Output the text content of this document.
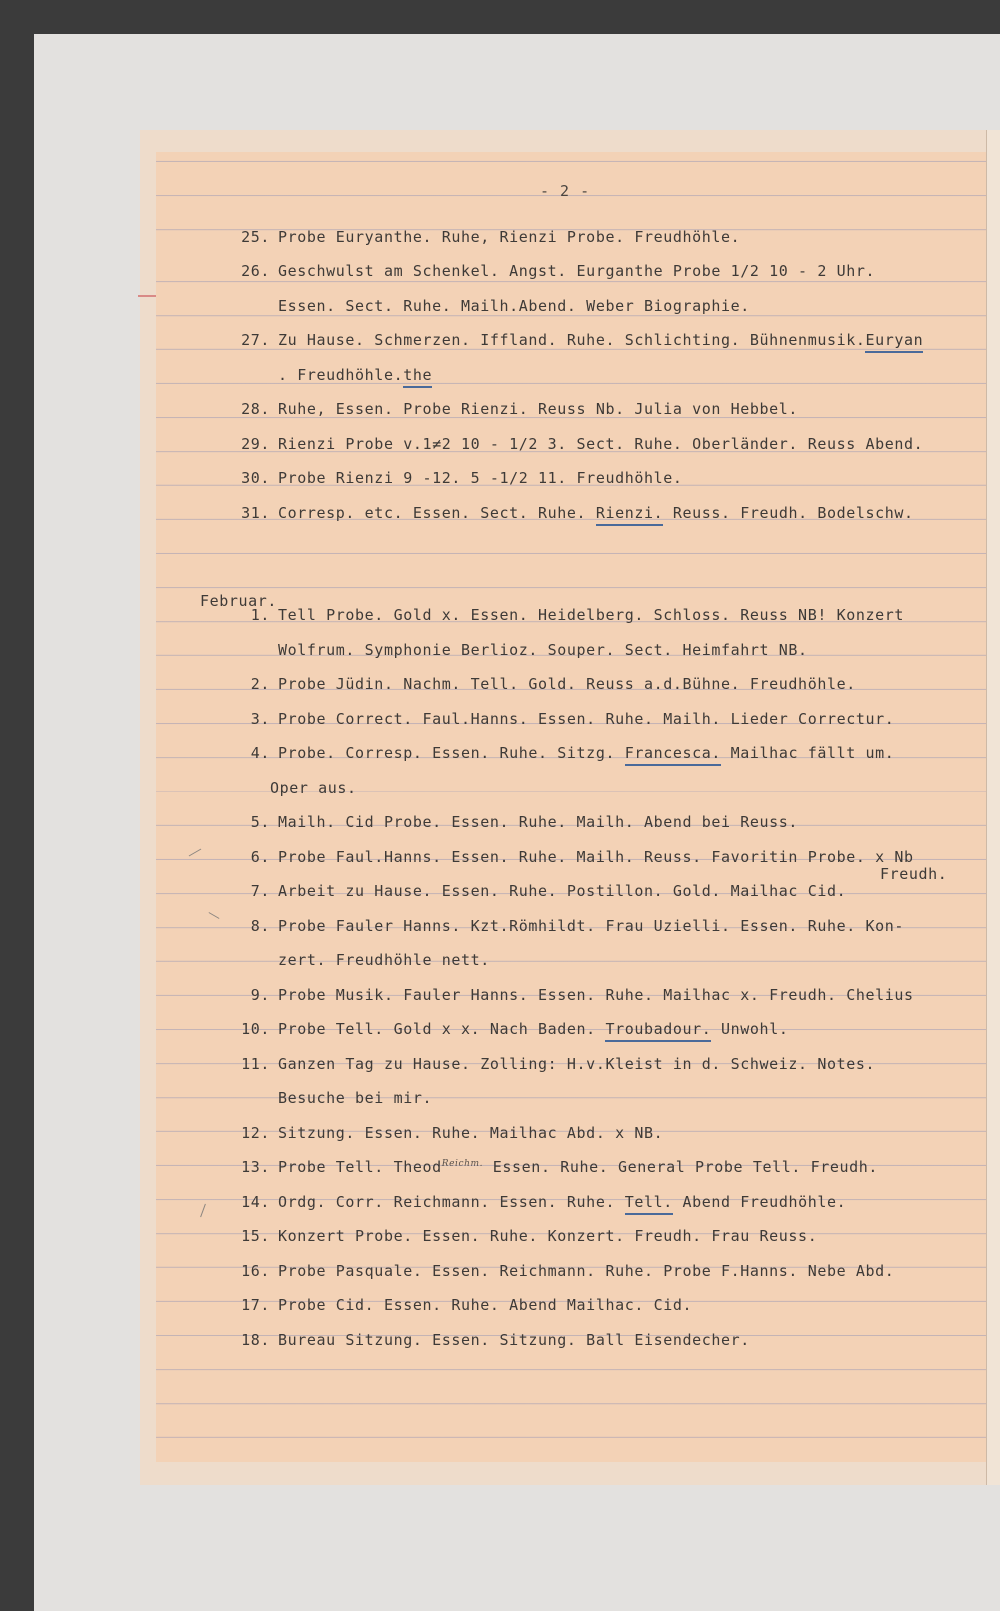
- 2 -
25. Probe Euryanthe. Ruhe, Rienzi Probe. Freudhöhle.
26. Geschwulst am Schenkel. Angst. Eurganthe Probe 1/2 10 - 2 Uhr.
Essen. Sect. Ruhe. Mailh.Abend. Weber Biographie.
27. Zu Hause. Schmerzen. Iffland. Ruhe. Schlichting. Bühnenmusik.Euryan
. Freudhöhle.the
28. Ruhe, Essen. Probe Rienzi. Reuss Nb. Julia von Hebbel.
29. Rienzi Probe v.1≠2 10 - 1/2 3. Sect. Ruhe. Oberländer. Reuss Abend.
30. Probe Rienzi 9 -12. 5 -1/2 11. Freudhöhle.
31. Corresp. etc. Essen. Sect. Ruhe. Rienzi. Reuss. Freudh. Bodelschw.
Februar.
1. Tell Probe. Gold x. Essen. Heidelberg. Schloss. Reuss NB! Konzert
Wolfrum. Symphonie Berlioz. Souper. Sect. Heimfahrt NB.
2. Probe Jüdin. Nachm. Tell. Gold. Reuss a.d.Bühne. Freudhöhle.
3. Probe Correct. Faul.Hanns. Essen. Ruhe. Mailh. Lieder Correctur.
4. Probe. Corresp. Essen. Ruhe. Sitzg. Francesca. Mailhac fällt um.
Oper aus.
5. Mailh. Cid Probe. Essen. Ruhe. Mailh. Abend bei Reuss.
6. Probe Faul.Hanns. Essen. Ruhe. Mailh. Reuss. Favoritin Probe. x Nb
Freudh.
7. Arbeit zu Hause. Essen. Ruhe. Postillon. Gold. Mailhac Cid.
8. Probe Fauler Hanns. Kzt.Römhildt. Frau Uzielli. Essen. Ruhe. Kon-
zert. Freudhöhle nett.
9. Probe Musik. Fauler Hanns. Essen. Ruhe. Mailhac x. Freudh. Chelius
10. Probe Tell. Gold x x. Nach Baden. Troubadour. Unwohl.
11. Ganzen Tag zu Hause. Zolling: H.v.Kleist in d. Schweiz. Notes.
Besuche bei mir.
12. Sitzung. Essen. Ruhe. Mailhac Abd. x NB.
13. Probe Tell. Theod$^{Reichm.}$ Essen. Ruhe. General Probe Tell. Freudh.
14. Ordg. Corr. Reichmann. Essen. Ruhe. Tell. Abend Freudhöhle.
15. Konzert Probe. Essen. Ruhe. Konzert. Freudh. Frau Reuss.
16. Probe Pasquale. Essen. Reichmann. Ruhe. Probe F.Hanns. Nebe Abd.
17. Probe Cid. Essen. Ruhe. Abend Mailhac. Cid.
18. Bureau Sitzung. Essen. Sitzung. Ball Eisendecher.
